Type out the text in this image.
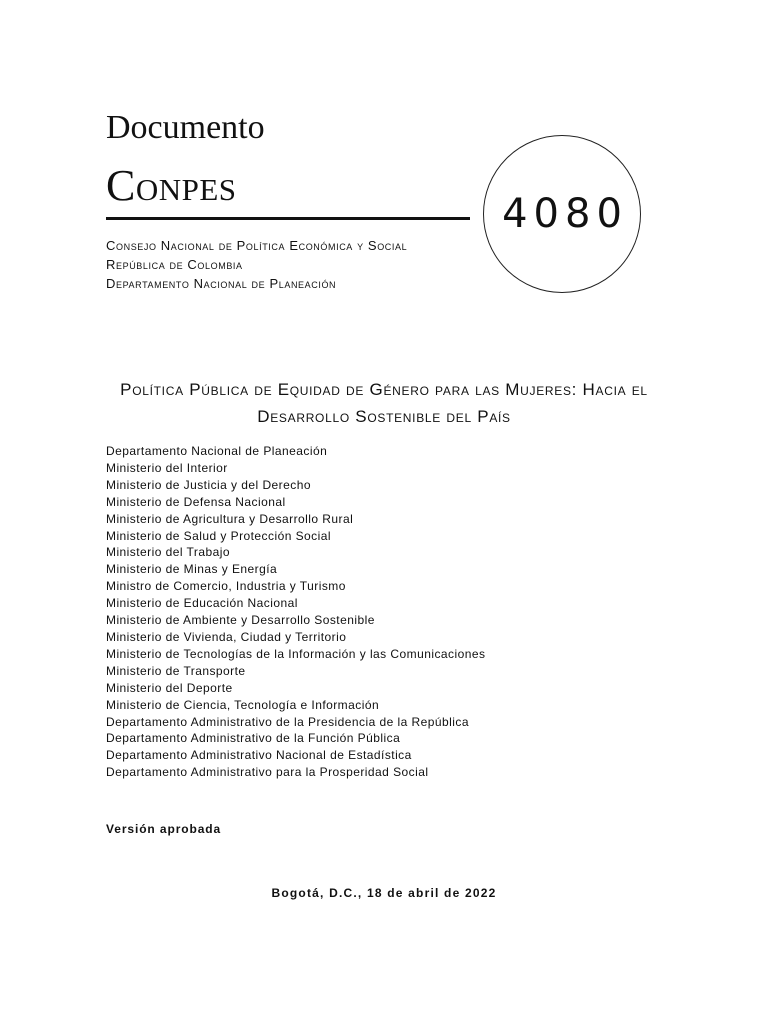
Documento
Conpes
4080
Consejo Nacional de Política Económica y Social
República de Colombia
Departamento Nacional de Planeación
Política Pública de Equidad de Género para las Mujeres: Hacia el Desarrollo Sostenible del País
Departamento Nacional de Planeación
Ministerio del Interior
Ministerio de Justicia y del Derecho
Ministerio de Defensa Nacional
Ministerio de Agricultura y Desarrollo Rural
Ministerio de Salud y Protección Social
Ministerio del Trabajo
Ministerio de Minas y Energía
Ministro de Comercio, Industria y Turismo
Ministerio de Educación Nacional
Ministerio de Ambiente y Desarrollo Sostenible
Ministerio de Vivienda, Ciudad y Territorio
Ministerio de Tecnologías de la Información y las Comunicaciones
Ministerio de Transporte
Ministerio del Deporte
Ministerio de Ciencia, Tecnología e Información
Departamento Administrativo de la Presidencia de la República
Departamento Administrativo de la Función Pública
Departamento Administrativo Nacional de Estadística
Departamento Administrativo para la Prosperidad Social
Versión aprobada
Bogotá, D.C., 18 de abril de 2022
